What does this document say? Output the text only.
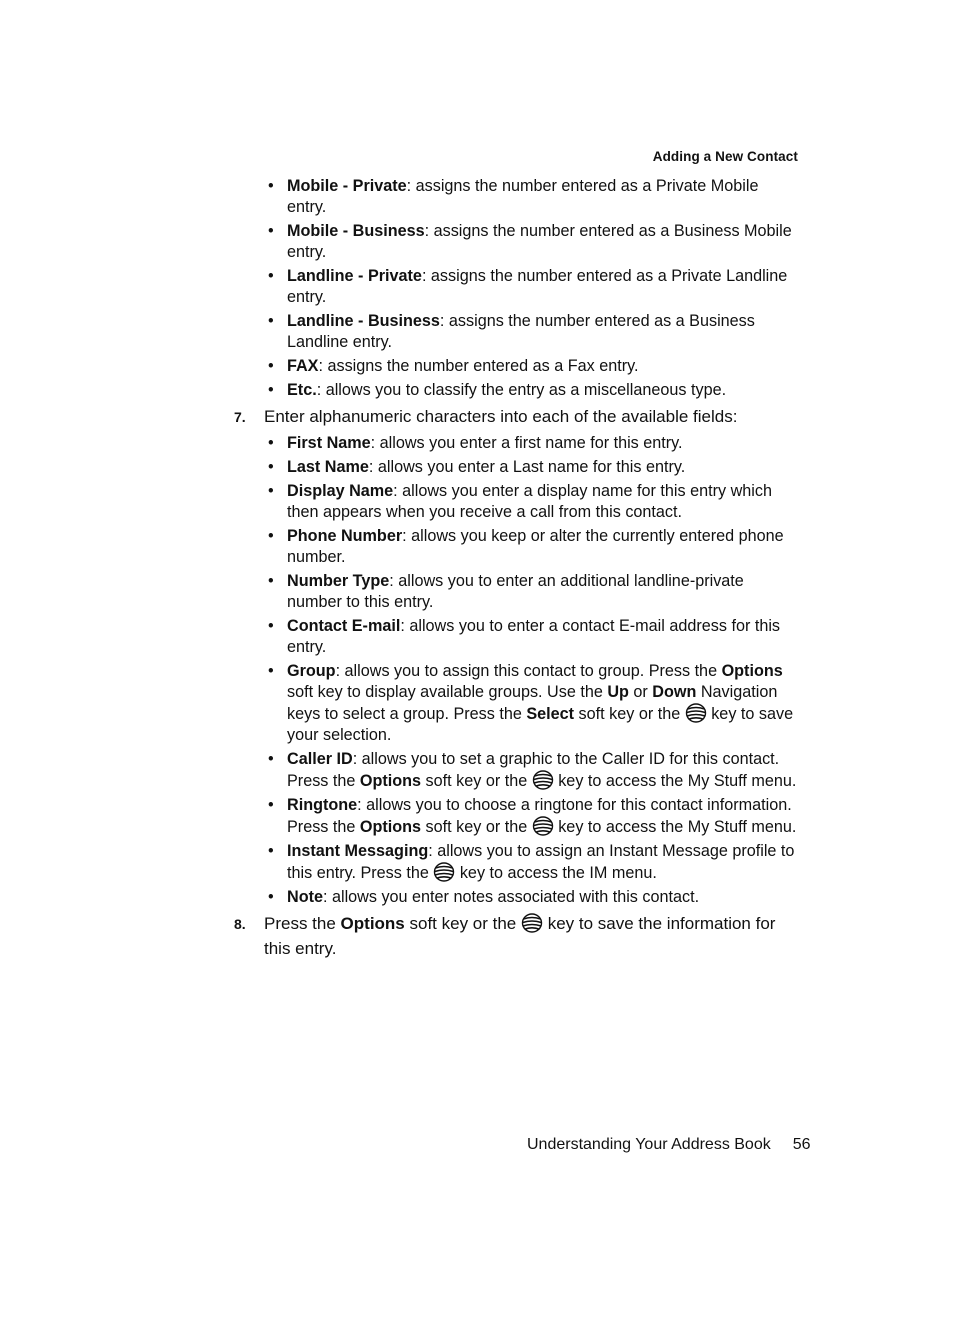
Adding a New Contact
• Mobile - Private: assigns the number entered as a Private Mobile entry.
• Mobile - Business: assigns the number entered as a Business Mobile entry.
• Landline - Private: assigns the number entered as a Private Landline entry.
• Landline - Business: assigns the number entered as a Business Landline entry.
• FAX: assigns the number entered as a Fax entry.
• Etc.: allows you to classify the entry as a miscellaneous type.
7. Enter alphanumeric characters into each of the available fields:
• First Name: allows you enter a first name for this entry.
• Last Name: allows you enter a Last name for this entry.
• Display Name: allows you enter a display name for this entry which then appears when you receive a call from this contact.
• Phone Number: allows you keep or alter the currently entered phone number.
• Number Type: allows you to enter an additional landline-private number to this entry.
• Contact E-mail: allows you to enter a contact E-mail address for this entry.
• Group: allows you to assign this contact to group. Press the Options soft key to display available groups. Use the Up or Down Navigation keys to select a group. Press the Select soft key or the  key to save your selection.
• Caller ID: allows you to set a graphic to the Caller ID for this contact. Press the Options soft key or the  key to access the My Stuff menu.
• Ringtone: allows you to choose a ringtone for this contact information. Press the Options soft key or the  key to access the My Stuff menu.
• Instant Messaging: allows you to assign an Instant Message profile to this entry. Press the  key to access the IM menu.
• Note: allows you enter notes associated with this contact.
8. Press the Options soft key or the  key to save the information for this entry.
Understanding Your Address Book 56
